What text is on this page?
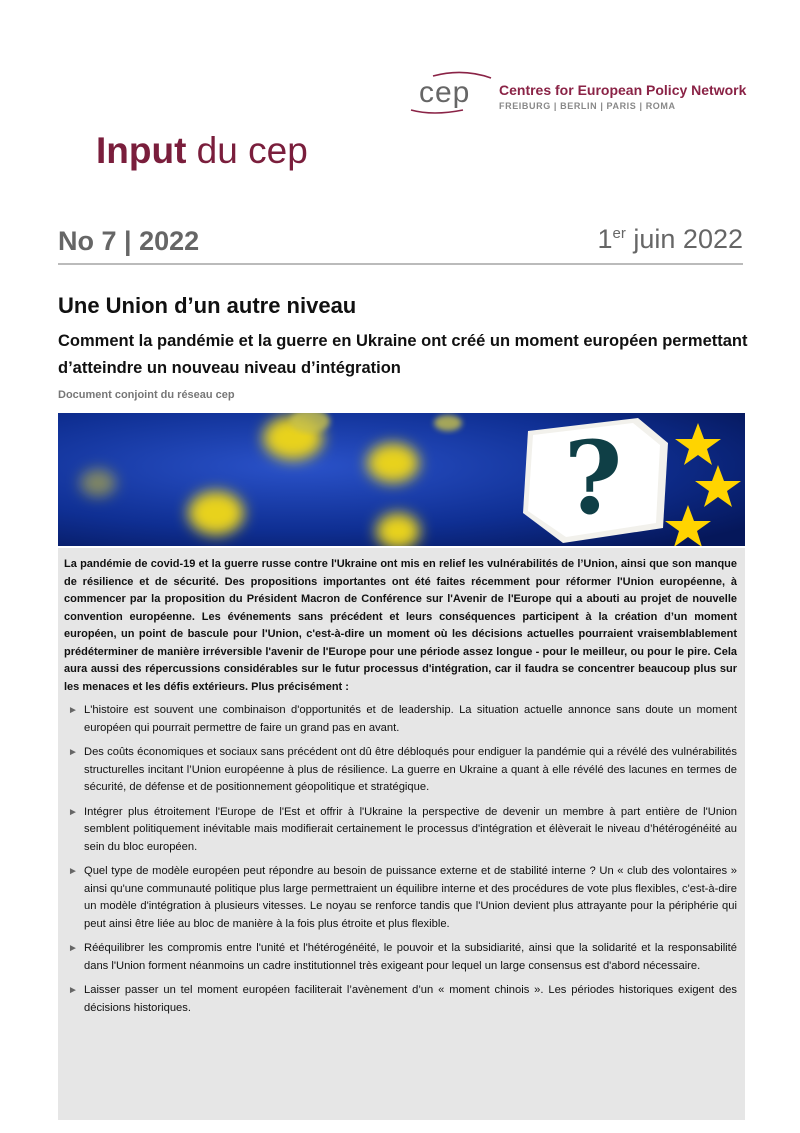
cep Centres for European Policy Network
FREIBURG | BERLIN | PARIS | ROMA
Input du cep
No 7 | 2022	1er juin 2022
Une Union d’un autre niveau
Comment la pandémie et la guerre en Ukraine ont créé un moment européen permettant d’atteindre un nouveau niveau d’intégration
Document conjoint du réseau cep
?

La pandémie de covid-19 et la guerre russe contre l'Ukraine ont mis en relief les vulnérabilités de l’Union, ainsi que son manque de résilience et de sécurité. Des propositions importantes ont été faites récemment pour réformer l'Union européenne, à commencer par la proposition du Président Macron de Conférence sur l'Avenir de l'Europe qui a abouti au projet de nouvelle convention européenne. Les événements sans précédent et leurs conséquences participent à la création d’un moment européen, un point de bascule pour l'Union, c'est-à-dire un moment où les décisions actuelles pourraient vraisemblablement prédéterminer de manière irréversible l'avenir de l'Europe pour une période assez longue - pour le meilleur, ou pour le pire. Cela aura aussi des répercussions considérables sur le futur processus d'intégration, car il faudra se concentrer beaucoup plus sur les menaces et les défis extérieurs. Plus précisément :

► L'histoire est souvent une combinaison d'opportunités et de leadership. La situation actuelle annonce sans doute un moment européen qui pourrait permettre de faire un grand pas en avant.
► Des coûts économiques et sociaux sans précédent ont dû être débloqués pour endiguer la pandémie qui a révélé des vulnérabilités structurelles incitant l’Union européenne à plus de résilience. La guerre en Ukraine a quant à elle révélé des lacunes en termes de sécurité, de défense et de positionnement géopolitique et stratégique.
► Intégrer plus étroitement l'Europe de l'Est et offrir à l'Ukraine la perspective de devenir un membre à part entière de l'Union semblent politiquement inévitable mais modifierait certainement le processus d'intégration et élèverait le niveau d’hétérogénéité au sein du bloc européen.
► Quel type de modèle européen peut répondre au besoin de puissance externe et de stabilité interne ? Un « club des volontaires » ainsi qu'une communauté politique plus large permettraient un équilibre interne et des procédures de vote plus flexibles, c'est-à-dire un modèle d'intégration à plusieurs vitesses. Le noyau se renforce tandis que l'Union devient plus attrayante pour la périphérie qui peut ainsi être liée au bloc de manière à la fois plus étroite et plus flexible.
► Rééquilibrer les compromis entre l'unité et l'hétérogénéité, le pouvoir et la subsidiarité, ainsi que la solidarité et la responsabilité dans l'Union forment néanmoins un cadre institutionnel très exigeant pour lequel un large consensus est d'abord nécessaire.
► Laisser passer un tel moment européen faciliterait l’avènement d’un « moment chinois ». Les périodes historiques exigent des décisions historiques.
